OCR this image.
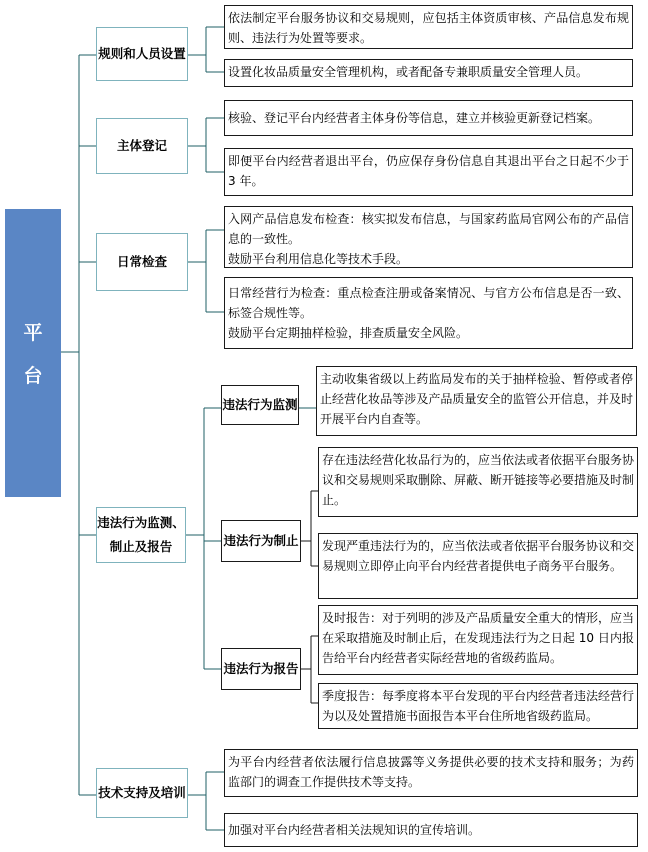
平
台
规则和人员设置

依法制定平台服务协议和交易规则，应包括主体资质审核、产品信息发布规则、违法行为处置等要求。

设置化妆品质量安全管理机构，或者配备专兼职质量安全管理人员。

主体登记

核验、登记平台内经营者主体身份等信息，建立并核验更新登记档案。

即便平台内经营者退出平台，仍应保存身份信息自其退出平台之日起不少于 3 年。

日常检查

入网产品信息发布检查：核实拟发布信息，与国家药监局官网公布的产品信息的一致性。

鼓励平台利用信息化等技术手段。

日常经营行为检查：重点检查注册或备案情况、与官方公布信息是否一致、标签合规性等。

鼓励平台定期抽样检验，排查质量安全风险。

违法行为监测、
制止及报告
违法行为监测

主动收集省级以上药监局发布的关于抽样检验、暂停或者停止经营化妆品等涉及产品质量安全的监管公开信息，并及时开展平台内自查等。

违法行为制止

存在违法经营化妆品行为的，应当依法或者依据平台服务协议和交易规则采取删除、屏蔽、断开链接等必要措施及时制止。

发现严重违法行为的，应当依法或者依据平台服务协议和交易规则立即停止向平台内经营者提供电子商务平台服务。

违法行为报告

及时报告：对于列明的涉及产品质量安全重大的情形，应当在采取措施及时制止后，在发现违法行为之日起 10 日内报告给平台内经营者实际经营地的省级药监局。

季度报告：每季度将本平台发现的平台内经营者违法经营行为以及处置措施书面报告本平台住所地省级药监局。

技术支持及培训

为平台内经营者依法履行信息披露等义务提供必要的技术支持和服务；为药监部门的调查工作提供技术等支持。

加强对平台内经营者相关法规知识的宣传培训。
